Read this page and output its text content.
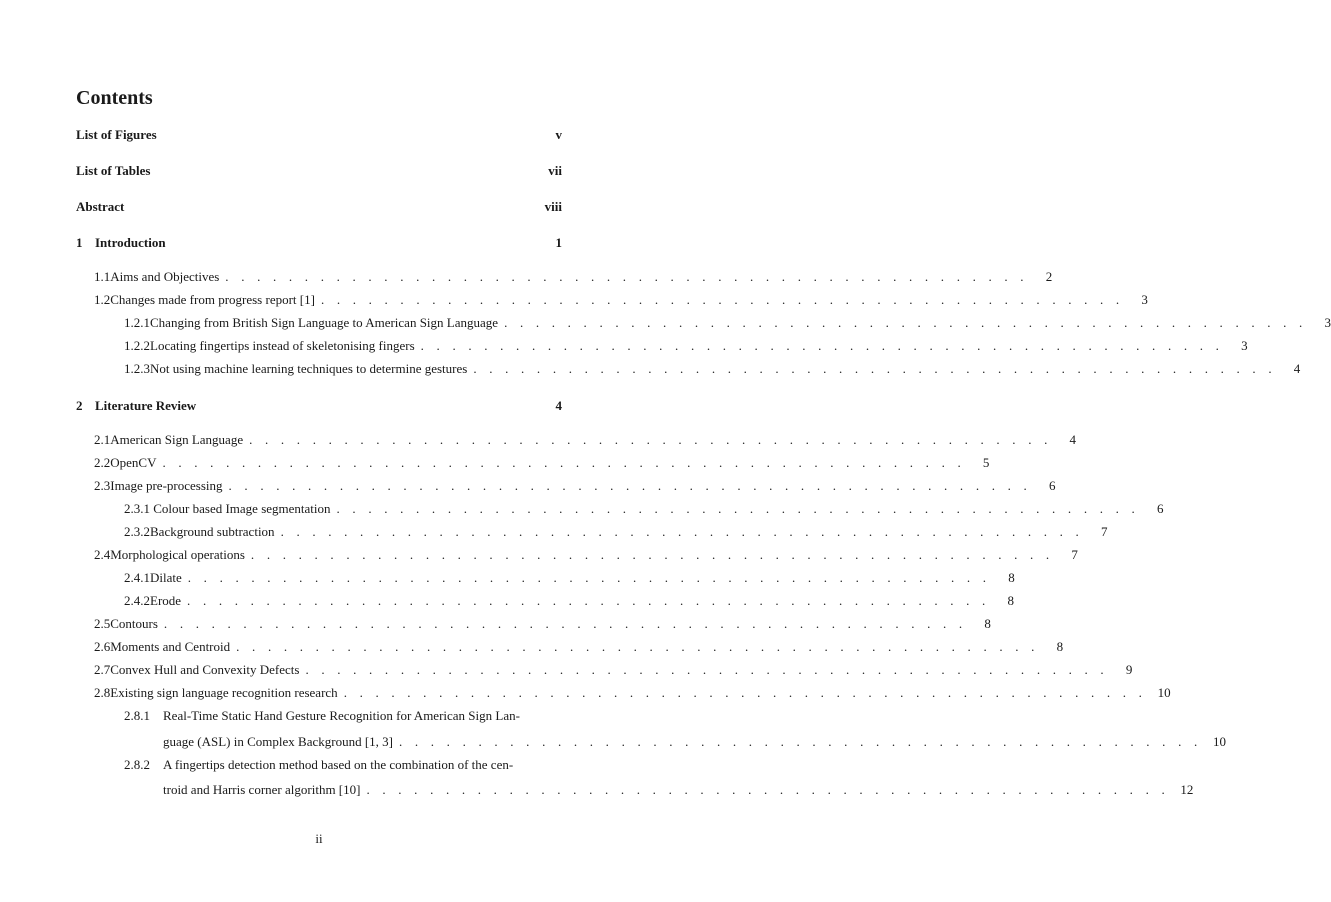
Contents
List of Figures	v
List of Tables	vii
Abstract	viii
1 Introduction	1
1.1 Aims and Objectives . . . . . . . . . . . . . . . . . . . . . . . . . . . . . . . . . . . . . . . . . . . . . . . . . . .	2
1.2 Changes made from progress report [1] . . . . . . . . . . . . . . . . . . . . . . . . . . . . . . . . . . . . . . . . . . . . . . . . . . .	3
1.2.1 Changing from British Sign Language to American Sign Language . . . . . . . . . . . . . . . . . . . . . . . . . . . . . . . . . . . . . . . . . . . . . . . . . . .	3
1.2.2 Locating fingertips instead of skeletonising fingers . . . . . . . . . . . . . . . . . . . . . . . . . . . . . . . . . . . . . . . . . . . . . . . . . . .	3
1.2.3 Not using machine learning techniques to determine gestures . . . . . . . . . . . . . . . . . . . . . . . . . . . . . . . . . . . . . . . . . . . . . . . . . . .	4
2 Literature Review	4
2.1 American Sign Language . . . . . . . . . . . . . . . . . . . . . . . . . . . . . . . . . . . . . . . . . . . . . . . . . . .	4
2.2 OpenCV . . . . . . . . . . . . . . . . . . . . . . . . . . . . . . . . . . . . . . . . . . . . . . . . . . .	5
2.3 Image pre-processing . . . . . . . . . . . . . . . . . . . . . . . . . . . . . . . . . . . . . . . . . . . . . . . . . . .	6
2.3.1 Colour based Image segmentation . . . . . . . . . . . . . . . . . . . . . . . . . . . . . . . . . . . . . . . . . . . . . . . . . . .	6
2.3.2 Background subtraction . . . . . . . . . . . . . . . . . . . . . . . . . . . . . . . . . . . . . . . . . . . . . . . . . . .	7
2.4 Morphological operations . . . . . . . . . . . . . . . . . . . . . . . . . . . . . . . . . . . . . . . . . . . . . . . . . . .	7
2.4.1 Dilate . . . . . . . . . . . . . . . . . . . . . . . . . . . . . . . . . . . . . . . . . . . . . . . . . . .	8
2.4.2 Erode . . . . . . . . . . . . . . . . . . . . . . . . . . . . . . . . . . . . . . . . . . . . . . . . . . .	8
2.5 Contours . . . . . . . . . . . . . . . . . . . . . . . . . . . . . . . . . . . . . . . . . . . . . . . . . . .	8
2.6 Moments and Centroid . . . . . . . . . . . . . . . . . . . . . . . . . . . . . . . . . . . . . . . . . . . . . . . . . . .	8
2.7 Convex Hull and Convexity Defects . . . . . . . . . . . . . . . . . . . . . . . . . . . . . . . . . . . . . . . . . . . . . . . . . . .	9
2.8 Existing sign language recognition research . . . . . . . . . . . . . . . . . . . . . . . . . . . . . . . . . . . . . . . . . . . . . . . . . . . 10
2.8.1 Real-Time Static Hand Gesture Recognition for American Sign Lan-
guage (ASL) in Complex Background [1, 3] . . . . . . . . . . . . . . . . . . . . . . . . . . . . . . . . . . . . . . . . . . . . . . . . . . . 10
2.8.2 A fingertips detection method based on the combination of the cen-
troid and Harris corner algorithm [10] . . . . . . . . . . . . . . . . . . . . . . . . . . . . . . . . . . . . . . . . . . . . . . . . . . . 12
ii
